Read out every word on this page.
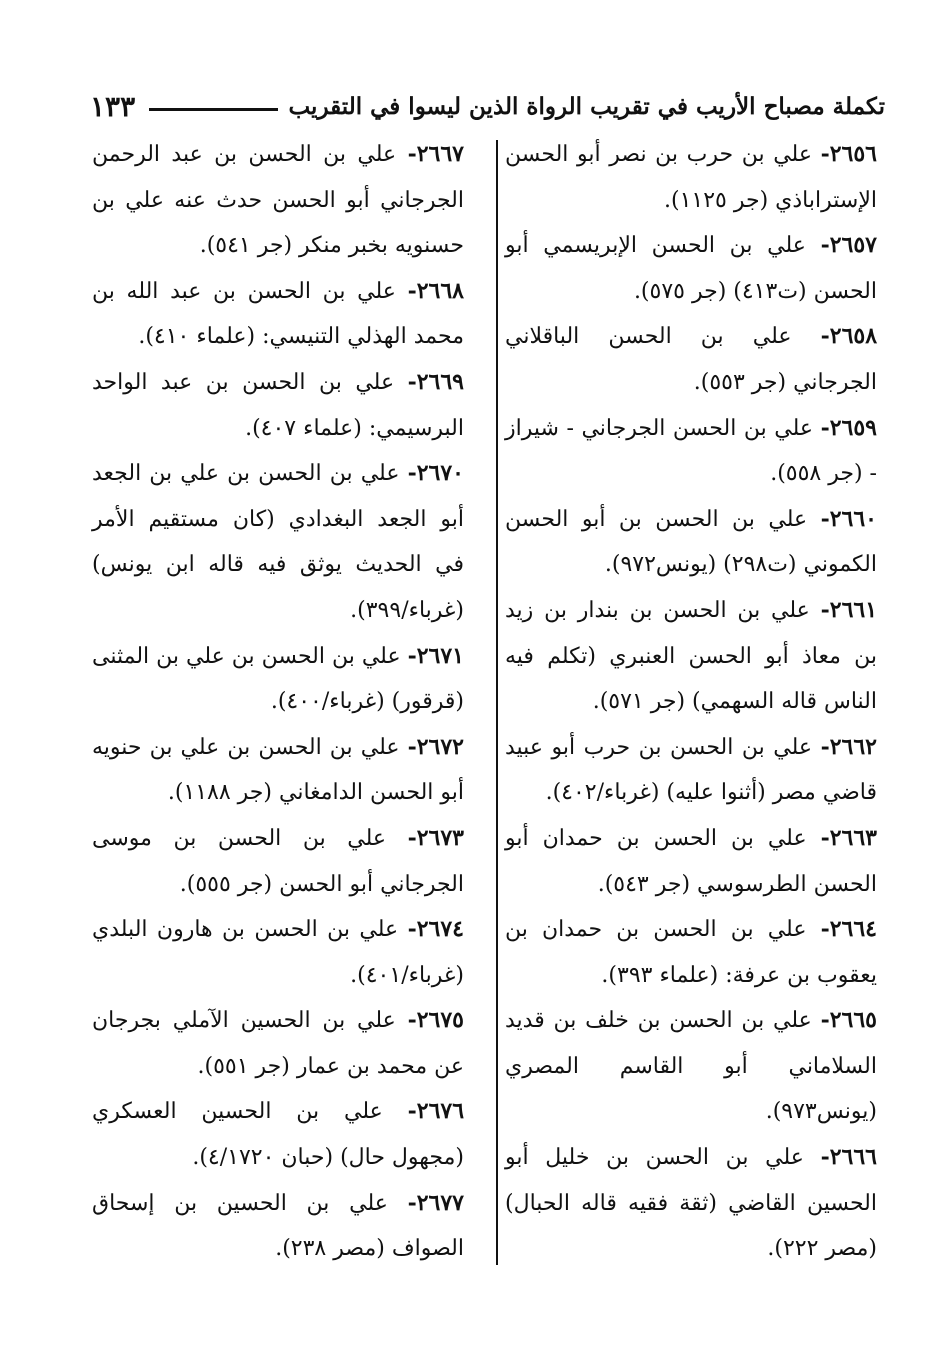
١٣٣	تكملة مصباح الأريب في تقريب الرواة الذين ليسوا في التقريب

٢٦٥٦- علي بن حرب بن نصر أبو الحسن الإستراباذي (جر ١١٢٥).

٢٦٥٧- علي بن الحسن الإبريسمي أبو الحسن (ت٤١٣) (جر ٥٧٥).

٢٦٥٨- علي بن الحسن الباقلاني الجرجاني (جر ٥٥٣).

٢٦٥٩- علي بن الحسن الجرجاني - شيراز - (جر ٥٥٨).

٢٦٦٠- علي بن الحسن بن أبو الحسن الكموني (ت٢٩٨) (يونس٩٧٢).

٢٦٦١- علي بن الحسن بن بندار بن زيد بن معاذ أبو الحسن العنبري (تكلم فيه الناس قاله السهمي) (جر ٥٧١).

٢٦٦٢- علي بن الحسن بن حرب أبو عبيد قاضي مصر (أثنوا عليه) (غرباء/٤٠٢).

٢٦٦٣- علي بن الحسن بن حمدان أبو الحسن الطرسوسي (جر ٥٤٣).

٢٦٦٤- علي بن الحسن بن حمدان بن يعقوب بن عرفة: (علماء ٣٩٣).

٢٦٦٥- علي بن الحسن بن خلف بن قديد السلاماني أبو القاسم المصري (يونس٩٧٣).

٢٦٦٦- علي بن الحسن بن خليل أبو الحسين القاضي (ثقة فقيه قاله الحبال) (مصر ٢٢٢).

٢٦٦٧- علي بن الحسن بن عبد الرحمن الجرجاني أبو الحسن حدث عنه علي بن حسنويه بخبر منكر (جر ٥٤١).

٢٦٦٨- علي بن الحسن بن عبد الله بن محمد الهذلي التنيسي: (علماء ٤١٠).

٢٦٦٩- علي بن الحسن بن عبد الواحد البرسيمي: (علماء ٤٠٧).

٢٦٧٠- علي بن الحسن بن علي بن الجعد أبو الجعد البغدادي (كان مستقيم الأمر في الحديث يوثق فيه قاله ابن يونس) (غرباء/٣٩٩).

٢٦٧١- علي بن الحسن بن علي بن المثنى (قرقور) (غرباء/٤٠٠).

٢٦٧٢- علي بن الحسن بن علي بن حنويه أبو الحسن الدامغاني (جر ١١٨٨).

٢٦٧٣- علي بن الحسن بن موسى الجرجاني أبو الحسن (جر ٥٥٥).

٢٦٧٤- علي بن الحسن بن هارون البلدي (غرباء/٤٠١).

٢٦٧٥- علي بن الحسين الآملي بجرجان عن محمد بن عمار (جر ٥٥١).

٢٦٧٦- علي بن الحسين العسكري (مجهول حال) (حبان ٤/١٧٢٠).

٢٦٧٧- علي بن الحسين بن إسحاق الصواف (مصر ٢٣٨).
